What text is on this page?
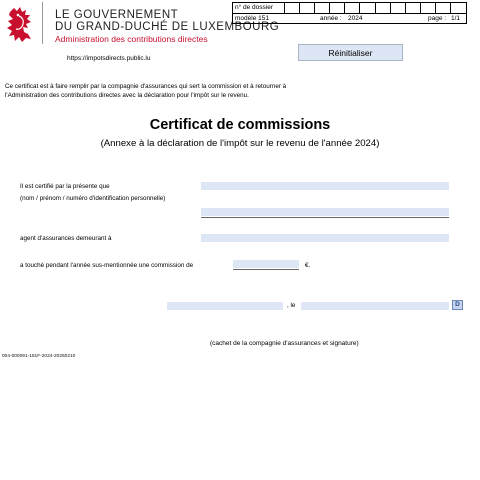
LE GOUVERNEMENT
DU GRAND-DUCHÉ DE LUXEMBOURG
Administration des contributions directes
https://impotsdirects.public.lu
n° de dossier
modèle 151	année : 2024	page : 1/1
Réinitialiser
Ce certificat est à faire remplir par la compagnie d'assurances qui sert la commission et à retourner à
l'Administration des contributions directes avec la déclaration pour l'impôt sur le revenu.
Certificat de commissions
(Annexe à la déclaration de l'impôt sur le revenu de l'année 2024)
Il est certifié par la présente que
(nom / prénom / numéro d'identification personnelle)
agent d'assurances demeurant à
a touché pendant l'année sus-mentionnée une commission de	€.
, le	D
(cachet de la compagnie d'assurances et signature)
004-000091-151F-2024-20250210
